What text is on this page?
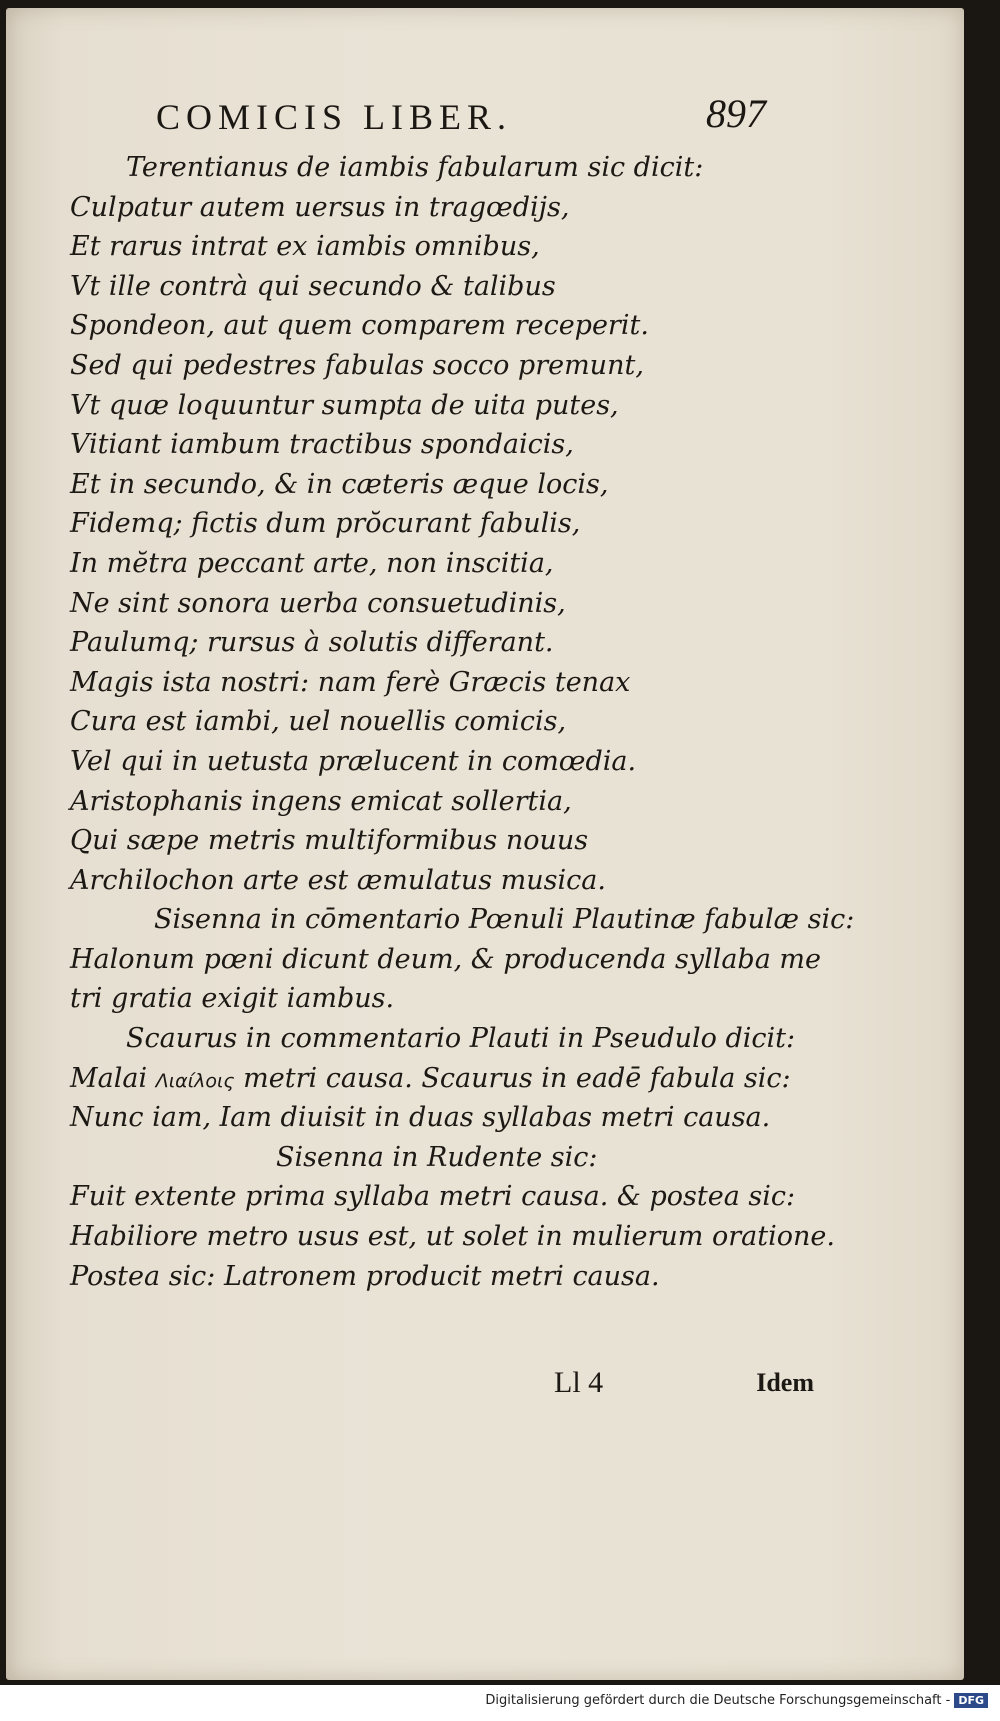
COMICIS LIBER.	897
Terentianus de iambis fabularum sic dicit:
Culpatur autem uersus in tragœdijs,
Et rarus intrat ex iambis omnibus,
Vt ille contrà qui secundo & talibus
Spondeon, aut quem comparem receperit.
Sed qui pedestres fabulas socco premunt,
Vt quæ loquuntur sumpta de uita putes,
Vitiant iambum tractibus spondaicis,
Et in secundo, & in cæteris æque locis,
Fidemq; fictis dum prŏcurant fabulis,
In mĕtra peccant arte, non inscitia,
Ne sint sonora uerba consuetudinis,
Paulumq; rursus à solutis differant.
Magis ista nostri: nam ferè Græcis tenax
Cura est iambi, uel nouellis comicis,
Vel qui in uetusta prælucent in comœdia.
Aristophanis ingens emicat sollertia,
Qui sæpe metris multiformibus nouus
Archilochon arte est æmulatus musica.
Sisenna in cōmentario Pœnuli Plautinæ fabulæ sic:
Halonum pœni dicunt deum, & producenda syllaba me
tri gratia exigit iambus.
Scaurus in commentario Plauti in Pseudulo dicit:
Malai Λιαίλοις metri causa. Scaurus in eadē fabula sic:
Nunc iam, Iam diuisit in duas syllabas metri causa.
Sisenna in Rudente sic:
Fuit extente prima syllaba metri causa. & postea sic:
Habiliore metro usus est, ut solet in mulierum oratione.
Postea sic: Latronem producit metri causa.
Ll 4	Idem
Digitalisierung gefördert durch die Deutsche Forschungsgemeinschaft - DFG
